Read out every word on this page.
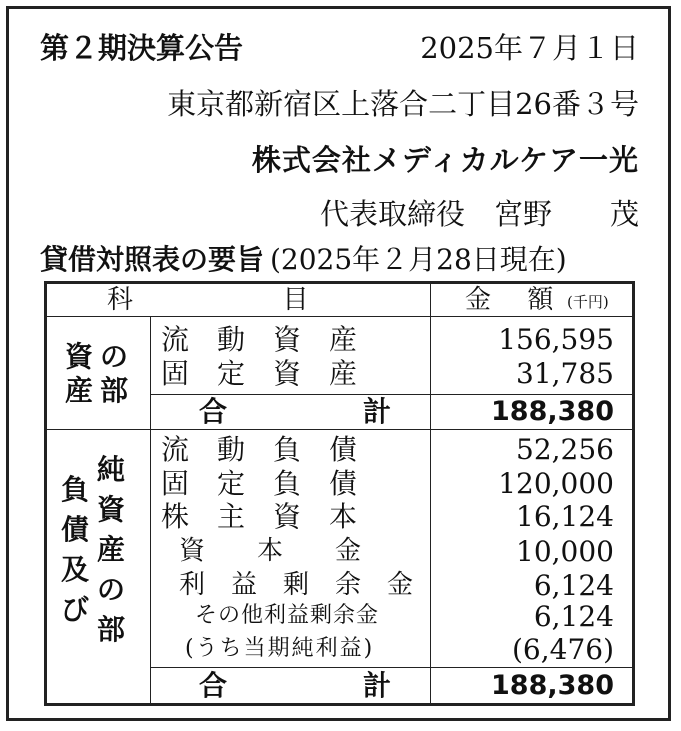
第２期決算公告	2025年７月１日
東京都新宿区上落合二丁目26番３号
株式会社メディカルケア一光
代表取締役　宮野　　茂
貸借対照表の要旨 (2025年２月28日現在)
科　　　　目	金　額 (千円)
資 の
産 部
流　動　資　産	156,595
固　定　資　産	31,785
合	計	188,380
負
債
及
び
純
資
産
の
部
流　動　負　債	52,256
固　定　負　債	120,000
株　主　資　本	16,124
資　　本　　金	10,000
利　益　剰　余　金	6,124
その他利益剰余金	6,124
(うち当期純利益)	(6,476)
合	計	188,380
